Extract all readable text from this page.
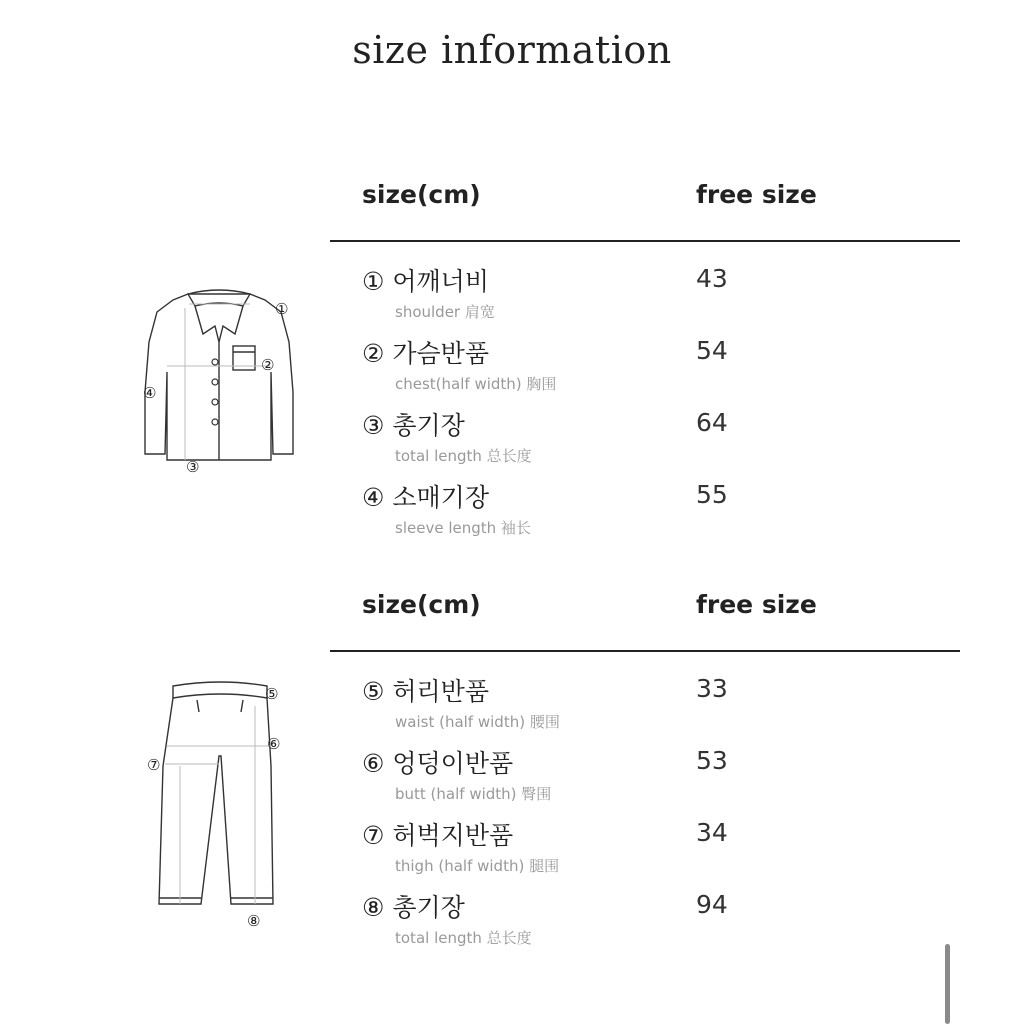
size information
①
②
③
④
size(cm)	free size
① 어깨너비
shoulder 肩宽
43
② 가슴반품
chest(half width) 胸围
54
③ 총기장
total length 总长度
64
④ 소매기장
sleeve length 袖长
55
⑤
⑥
⑦
⑧
size(cm)	free size
⑤ 허리반품
waist (half width) 腰围
33
⑥ 엉덩이반품
butt (half width) 臀围
53
⑦ 허벅지반품
thigh (half width) 腿围
34
⑧ 총기장
total length 总长度
94
